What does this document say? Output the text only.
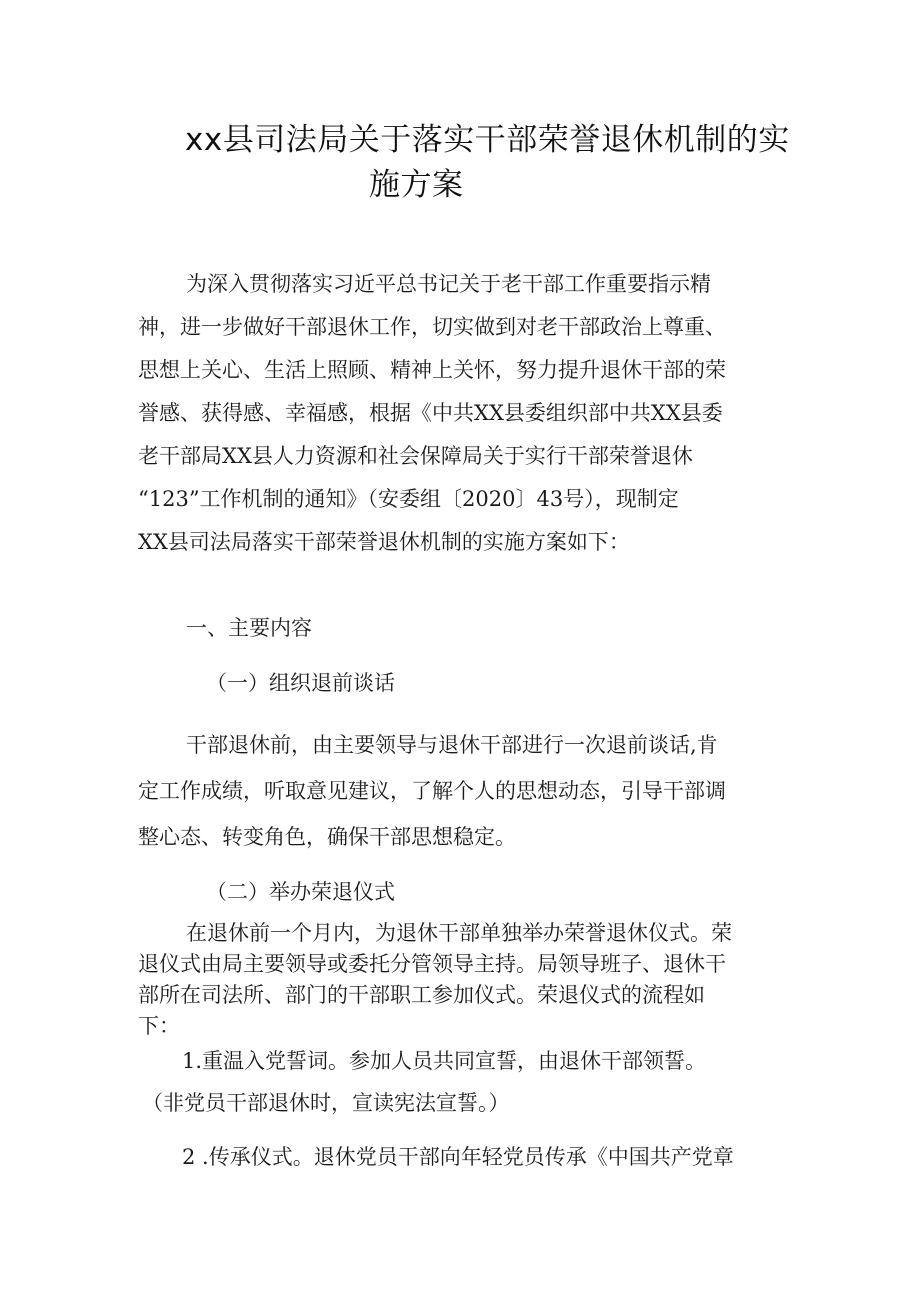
xx县司法局关于落实干部荣誉退休机制的实
施方案
为深入贯彻落实习近平总书记关于老干部工作重要指示精
神，进一步做好干部退休工作，切实做到对老干部政治上尊重、
思想上关心、生活上照顾、精神上关怀，努力提升退休干部的荣
誉感、获得感、幸福感，根据《中共XX县委组织部中共XX县委
老干部局XX县人力资源和社会保障局关于实行干部荣誉退休
“123”工作机制的通知》（安委组〔2020〕43号），现制定
XX县司法局落实干部荣誉退休机制的实施方案如下：
一、主要内容
（一）组织退前谈话
干部退休前，由主要领导与退休干部进行一次退前谈话,肯
定工作成绩，听取意见建议，了解个人的思想动态，引导干部调
整心态、转变角色，确保干部思想稳定。
（二）举办荣退仪式
在退休前一个月内，为退休干部单独举办荣誉退休仪式。荣
退仪式由局主要领导或委托分管领导主持。局领导班子、退休干
部所在司法所、部门的干部职工参加仪式。荣退仪式的流程如
下：
1.重温入党誓词。参加人员共同宣誓，由退休干部领誓。
（非党员干部退休时，宣读宪法宣誓。）
2 .传承仪式。退休党员干部向年轻党员传承《中国共产党章
